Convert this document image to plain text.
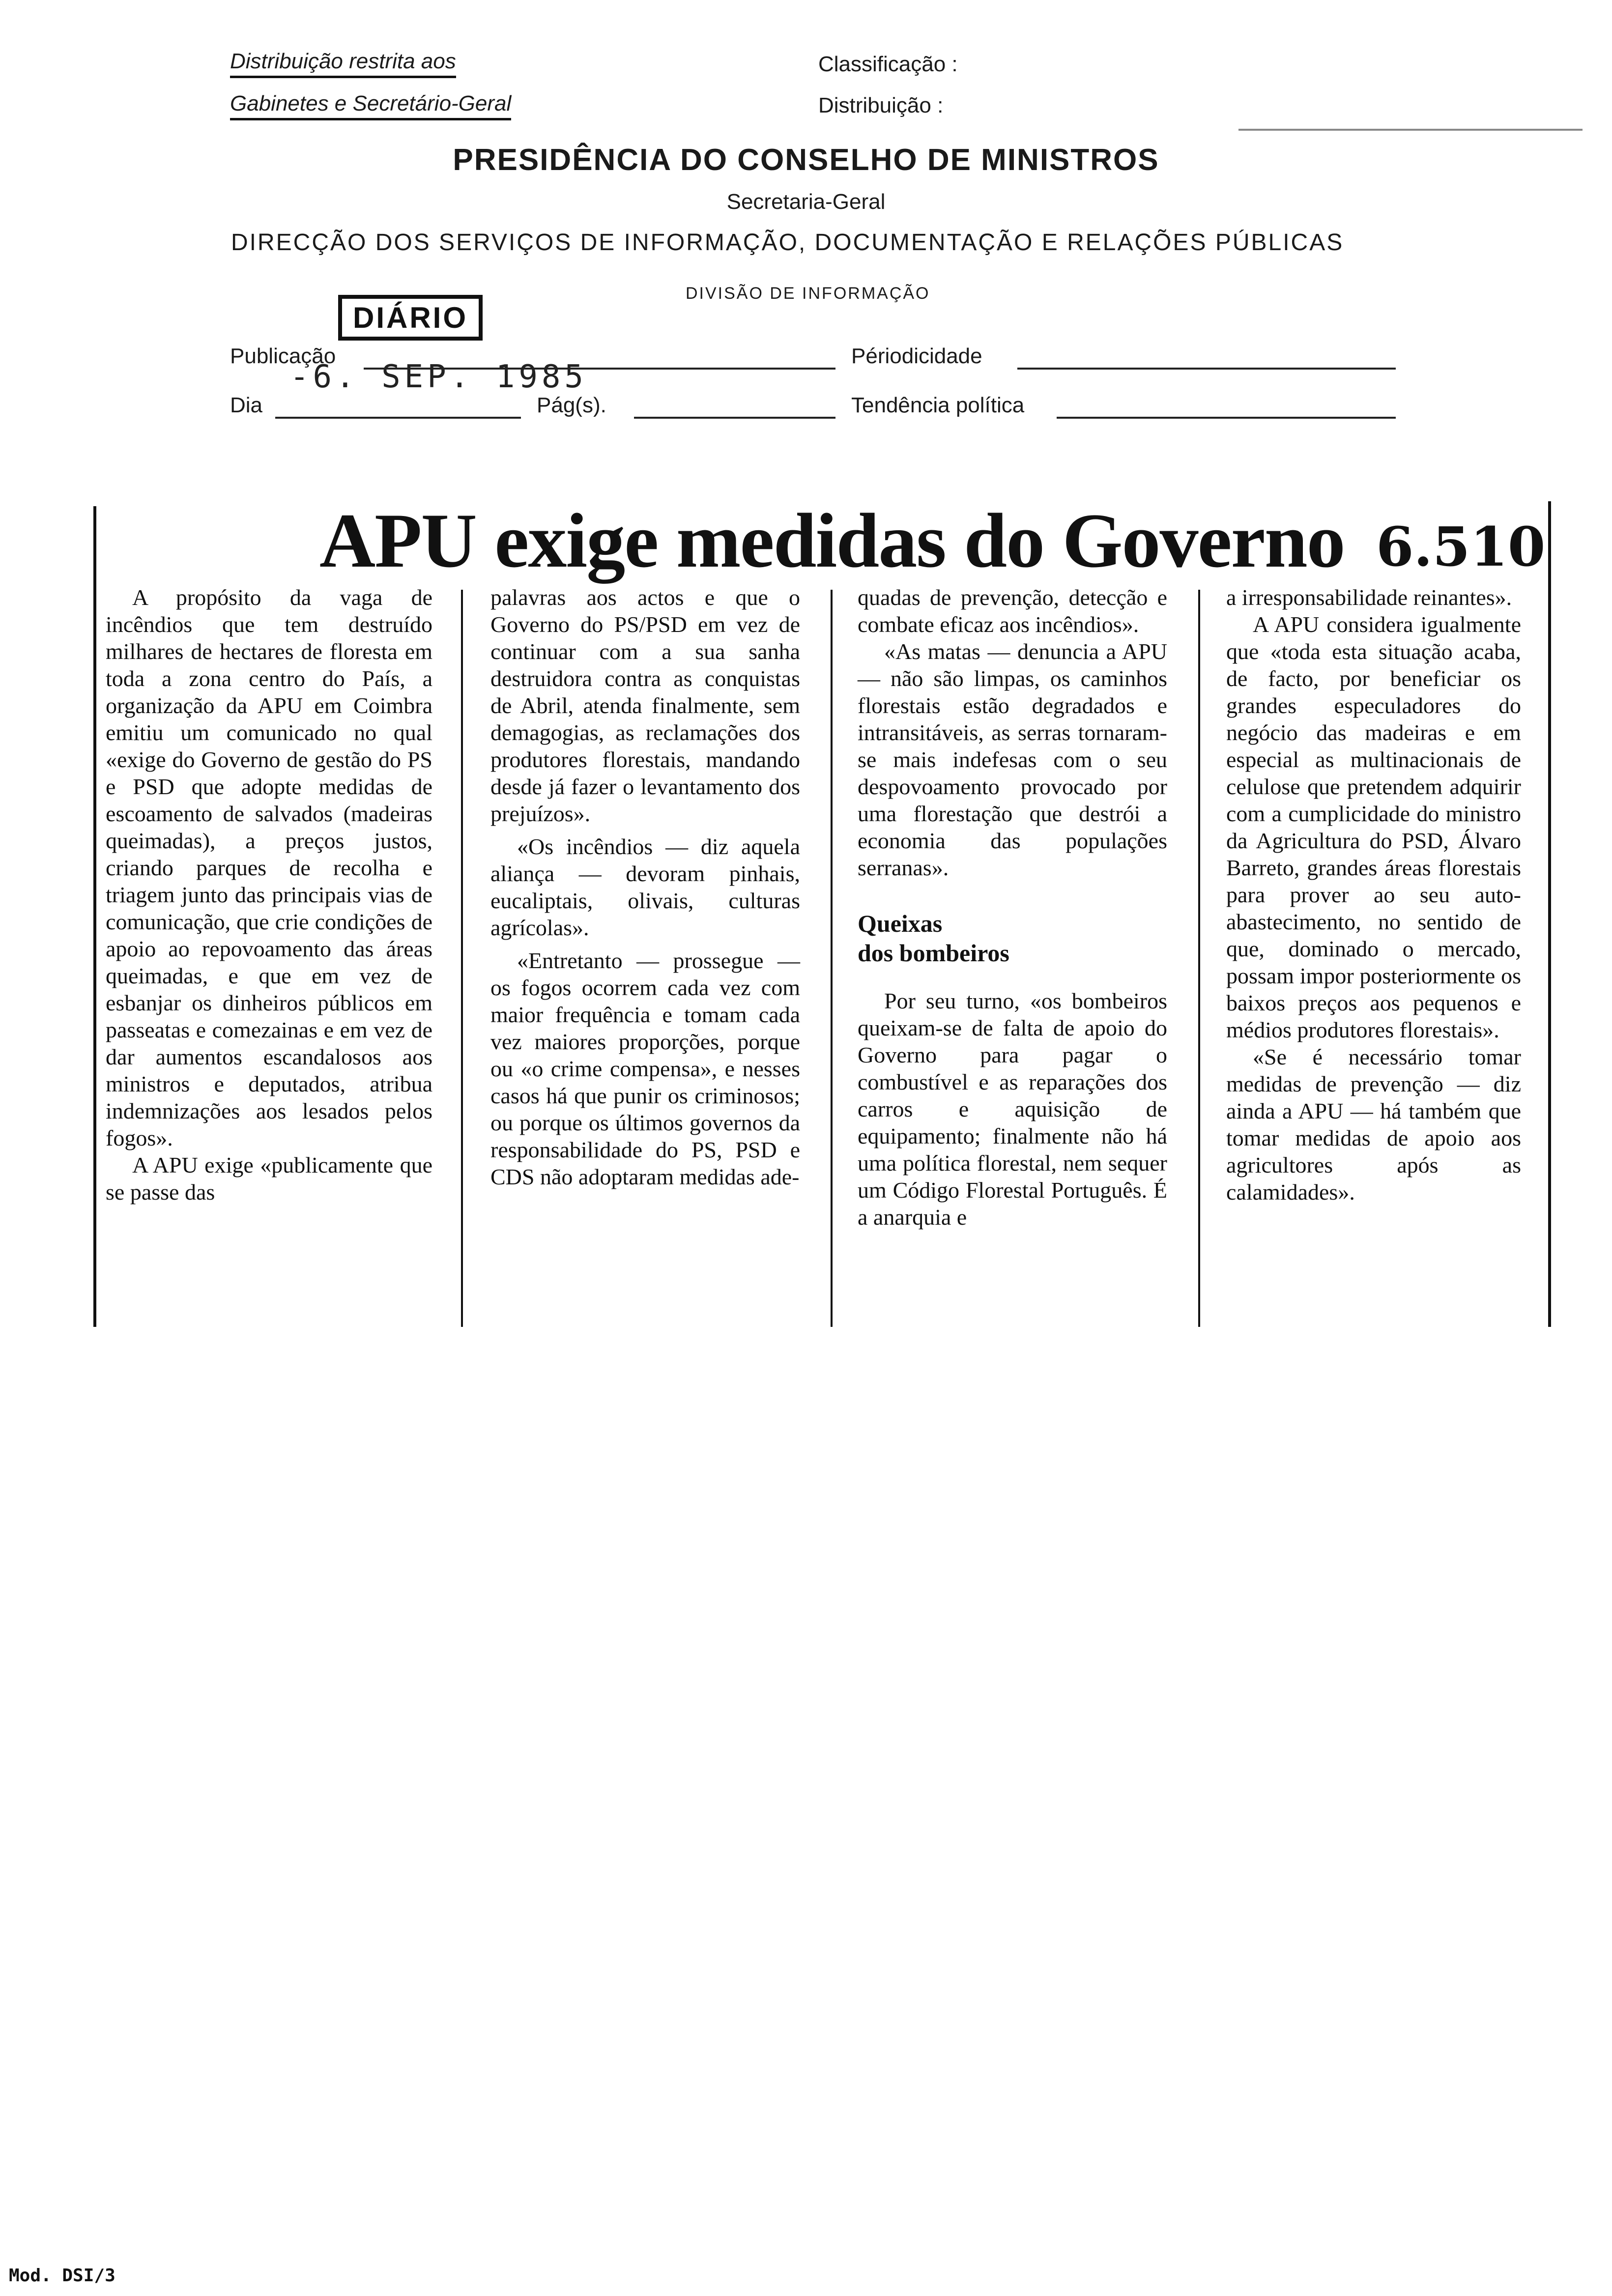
Distribuição restrita aos
Gabinetes e Secretário-Geral
Classificação :
Distribuição :
PRESIDÊNCIA DO CONSELHO DE MINISTROS
Secretaria-Geral
DIRECÇÃO DOS SERVIÇOS DE INFORMAÇÃO, DOCUMENTAÇÃO E RELAÇÕES PÚBLICAS
DIVISÃO DE INFORMAÇÃO
DIÁRIO
Publicação
-6. SEP. 1985
Périodicidade
Dia	Pág(s).	Tendência política
APU exige medidas do Governo 6.510

A propósito da vaga de incêndios que tem destruído milhares de hectares de floresta em toda a zona centro do País, a organização da APU em Coimbra emitiu um comunicado no qual «exige do Governo de gestão do PS e PSD que adopte medidas de escoamento de salvados (madeiras queimadas), a preços justos, criando parques de recolha e triagem junto das principais vias de comunicação, que crie condições de apoio ao repovoamento das áreas queimadas, e que em vez de esbanjar os dinheiros públicos em passeatas e comezainas e em vez de dar aumentos escandalosos aos ministros e deputados, atribua indemnizações aos lesados pelos fogos».

A APU exige «publicamente que se passe das

palavras aos actos e que o Governo do PS/PSD em vez de continuar com a sua sanha destruidora contra as conquistas de Abril, atenda finalmente, sem demagogias, as reclamações dos produtores florestais, mandando desde já fazer o levantamento dos prejuízos».

«Os incêndios — diz aquela aliança — devoram pinhais, eucaliptais, olivais, culturas agrícolas».

«Entretanto — prossegue — os fogos ocorrem cada vez com maior frequência e tomam cada vez maiores proporções, porque ou «o crime compensa», e nesses casos há que punir os criminosos; ou porque os últimos governos da responsabilidade do PS, PSD e CDS não adoptaram medidas ade-

quadas de prevenção, detecção e combate eficaz aos incêndios».

«As matas — denuncia a APU — não são limpas, os caminhos florestais estão degradados e intransitáveis, as serras tornaram-se mais indefesas com o seu despovoamento provocado por uma florestação que destrói a economia das populações serranas».

Queixas
dos bombeiros

Por seu turno, «os bombeiros queixam-se de falta de apoio do Governo para pagar o combustível e as reparações dos carros e aquisição de equipamento; finalmente não há uma política florestal, nem sequer um Código Florestal Português. É a anarquia e

a irresponsabilidade reinantes».

A APU considera igualmente que «toda esta situação acaba, de facto, por beneficiar os grandes especuladores do negócio das madeiras e em especial as multinacionais de celulose que pretendem adquirir com a cumplicidade do ministro da Agricultura do PSD, Álvaro Barreto, grandes áreas florestais para prover ao seu auto-abastecimento, no sentido de que, dominado o mercado, possam impor posteriormente os baixos preços aos pequenos e médios produtores florestais».

«Se é necessário tomar medidas de prevenção — diz ainda a APU — há também que tomar medidas de apoio aos agricultores após as calamidades».

Mod. DSI/3
